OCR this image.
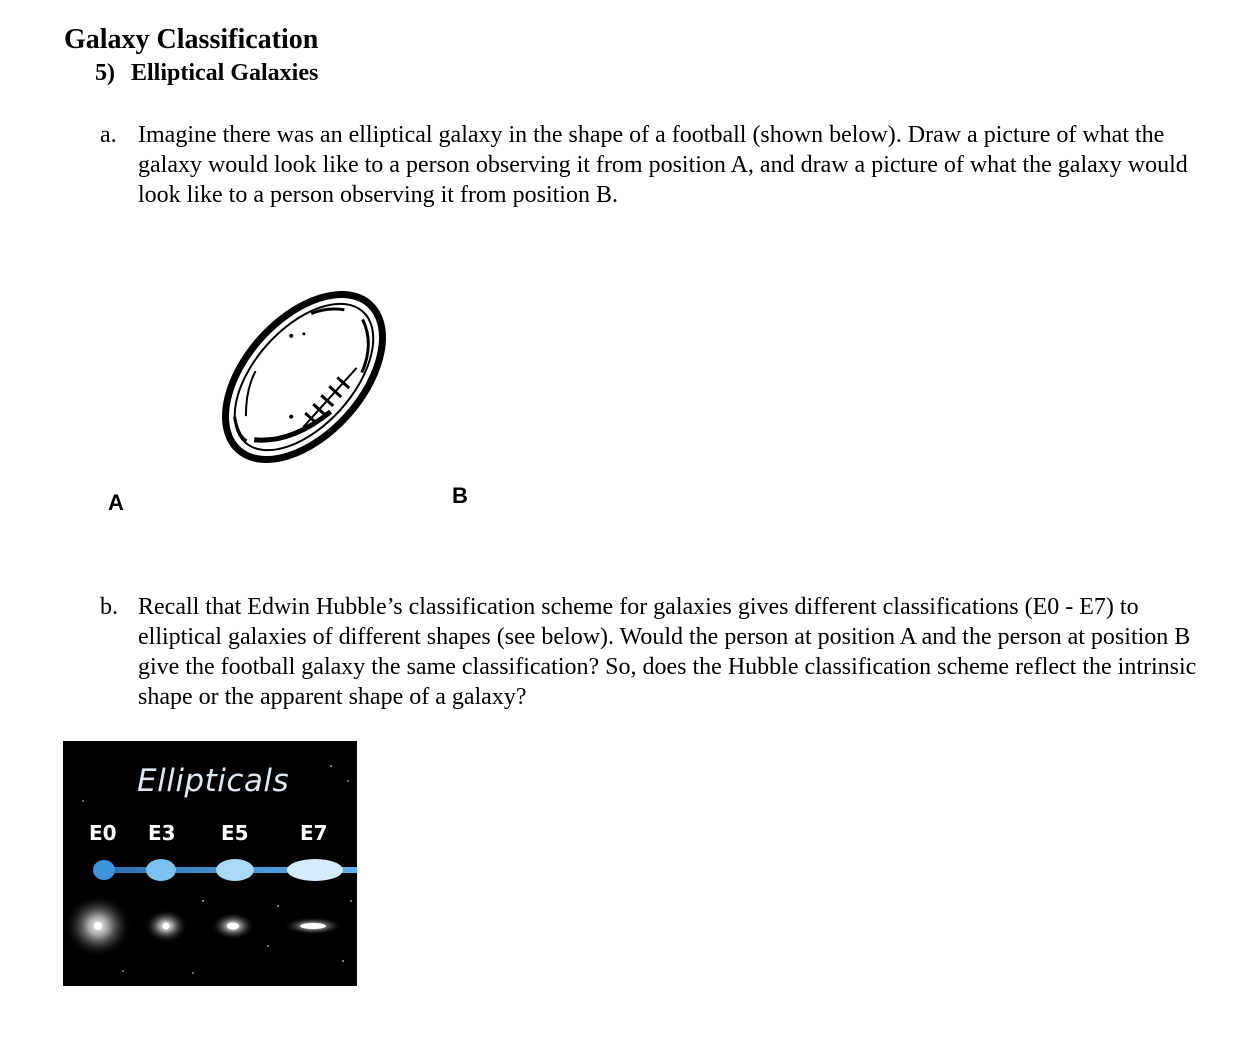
Galaxy Classification
5) Elliptical Galaxies
a. Imagine there was an elliptical galaxy in the shape of a football (shown below). Draw a picture of what the galaxy would look like to a person observing it from position A, and draw a picture of what the galaxy would look like to a person observing it from position B.
A	B
b. Recall that Edwin Hubble’s classification scheme for galaxies gives different classifications (E0 - E7) to elliptical galaxies of different shapes (see below). Would the person at position A and the person at position B give the football galaxy the same classification? So, does the Hubble classification scheme reflect the intrinsic shape or the apparent shape of a galaxy?
Ellipticals
E0 E3 E5	E7
